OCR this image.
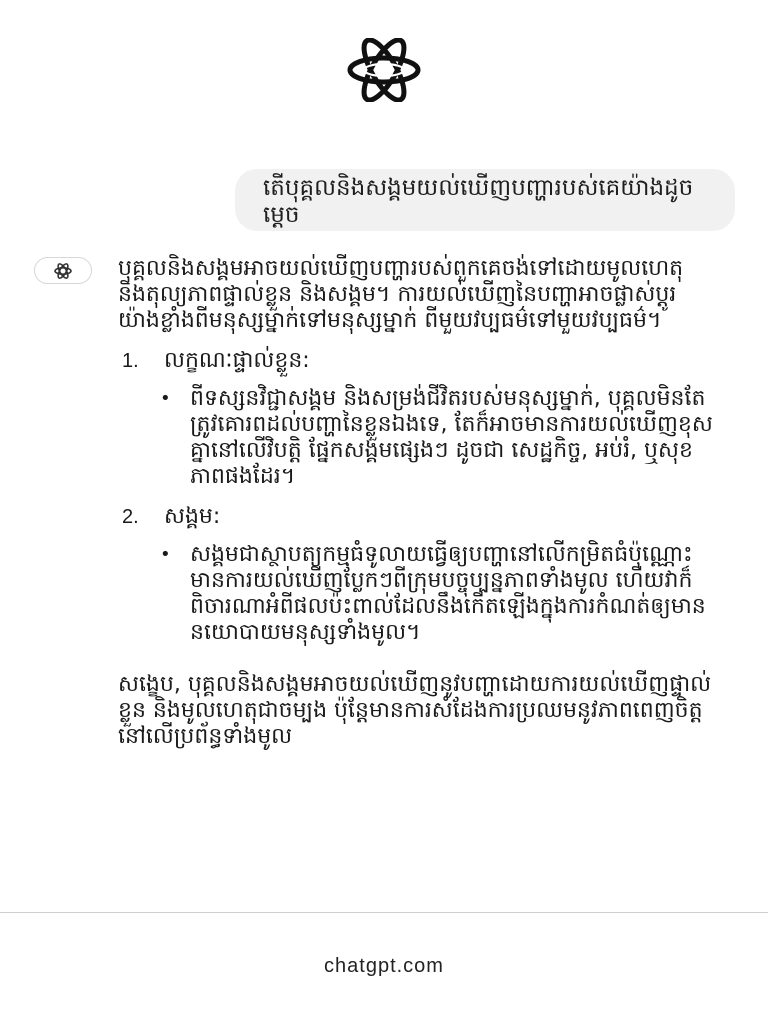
តើបុគ្គលនិងសង្គមយល់ឃើញបញ្ហារបស់គេយ៉ាងដូចម្ដេច

បុគ្គលនិងសង្គមអាចយល់ឃើញបញ្ហារបស់ពួកគេចង់ទៅដោយមូលហេតុ និងតុល្យភាពផ្ទាល់ខ្លួន និងសង្គម។ ការយល់ឃើញនៃបញ្ហាអាចផ្លាស់ប្ដូរយ៉ាងខ្លាំងពីមនុស្សម្នាក់ទៅមនុស្សម្នាក់ ពីមួយវប្បធម៌ទៅមួយវប្បធម៌។

1.	លក្ខណៈផ្ទាល់ខ្លួន:
• ពីទស្សនវិជ្ជាសង្គម និងសម្រង់ជីវិតរបស់មនុស្សម្នាក់, បុគ្គលមិនតែត្រូវគោរពដល់បញ្ហានៃខ្លួនឯងទេ, តែក៏អាចមានការយល់ឃើញខុសគ្នានៅលើវិបត្តិ ផ្នែកសង្គមផ្សេងៗ ដូចជា សេដ្ឋកិច្ច, អប់រំ, ឬសុខភាពផងដែរ។
2.	សង្គម:
• សង្គមជាស្ថាបត្យកម្មធំទូលាយធ្វើឲ្យបញ្ហានៅលើកម្រិតធំប៉ុណ្ណោះមានការយល់ឃើញប្លែកៗពីក្រុមបច្ចុប្បន្នភាពទាំងមូល ហើយវាក៏ពិចារណាអំពីផលប៉ះពាល់ដែលនឹងកើតឡើងក្នុងការកំណត់ឲ្យមាននយោបាយមនុស្សទាំងមូល។

សង្ខេប, បុគ្គលនិងសង្គមអាចយល់ឃើញនូវបញ្ហាដោយការយល់ឃើញផ្ទាល់ខ្លួន និងមូលហេតុជាចម្បង ប៉ុន្តែមានការសំដែងការប្រឈមនូវភាពពេញចិត្តនៅលើប្រព័ន្ធទាំងមូល

chatgpt.com
